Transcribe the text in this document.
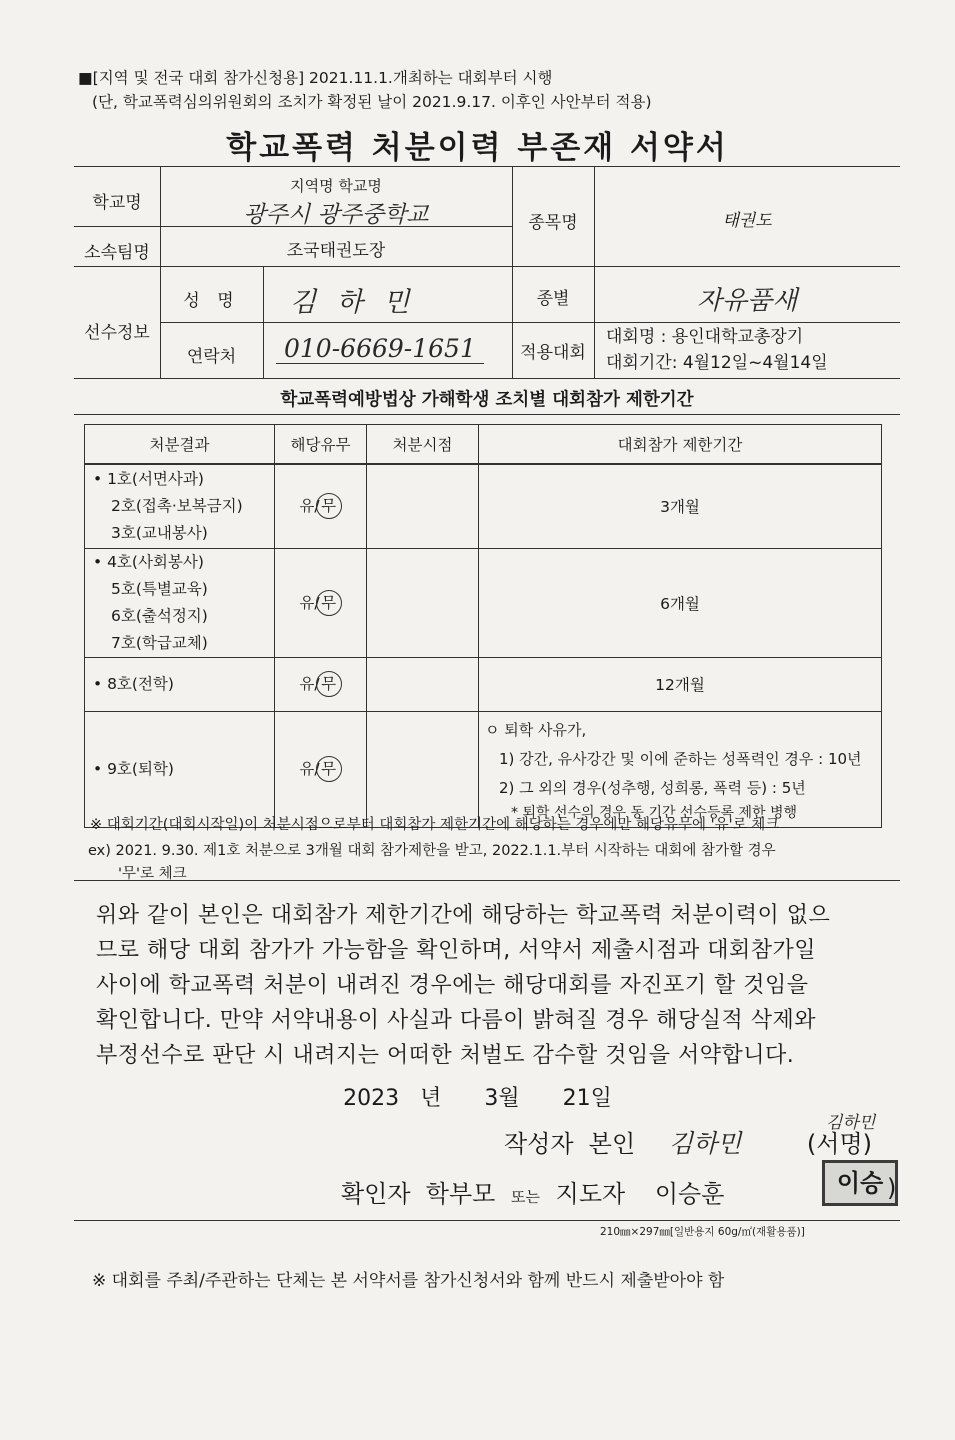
■[지역 및 전국 대회 참가신청용] 2021.11.1.개최하는 대회부터 시행
(단, 학교폭력심의위원회의 조치가 확정된 날이 2021.9.17. 이후인 사안부터 적용)
학교폭력 처분이력 부존재 서약서
학교명
지역명 학교명
광주시 광주중학교
소속팀명	조국태권도장
종목명	태권도
선수정보
성 명	김 하 민	종별	자유품새
연락처	010-6669-1651	적용대회
대회명 : 용인대학교총장기
대회기간: 4월12일~4월14일
학교폭력예방법상 가해학생 조치별 대회참가 제한기간
처분결과	해당유무	처분시점	대회참가 제한기간

• 1호(서면사과)
2호(접촉·보복금지)
3호(교내봉사)	유/무		3개월

• 4호(사회봉사)
5호(특별교육)
6호(출석정지)
7호(학급교체)	유/무		6개월

• 8호(전학)	유/무		12개월

• 9호(퇴학)	유/무		ㅇ 퇴학 사유가,
1) 강간, 유사강간 및 이에 준하는 성폭력인 경우 : 10년
2) 그 외의 경우(성추행, 성희롱, 폭력 등) : 5년
* 퇴학 선수의 경우 동 기간 선수등록 제한 병행
※ 대회기간(대회시작일)이 처분시점으로부터 대회참가 제한기간에 해당하는 경우에만 해당유무에 '유'로 체크
ex) 2021. 9.30. 제1호 처분으로 3개월 대회 참가제한을 받고, 2022.1.1.부터 시작하는 대회에 참가할 경우
'무'로 체크
위와 같이 본인은 대회참가 제한기간에 해당하는 학교폭력 처분이력이 없으
므로 해당 대회 참가가 가능함을 확인하며, 서약서 제출시점과 대회참가일
사이에 학교폭력 처분이 내려진 경우에는 해당대회를 자진포기 할 것임을
확인합니다. 만약 서약내용이 사실과 다름이 밝혀질 경우 해당실적 삭제와
부정선수로 판단 시 내려지는 어떠한 처벌도 감수할 것임을 서약합니다.
2023 년 3월 21일
작성자  본인 김하민	(서명)
김하민
확인자  학부모 또는 지도자 이승훈	이승 )
210㎜×297㎜[일반용지 60g/㎡(재활용품)]
※ 대회를 주최/주관하는 단체는 본 서약서를 참가신청서와 함께 반드시 제출받아야 함
